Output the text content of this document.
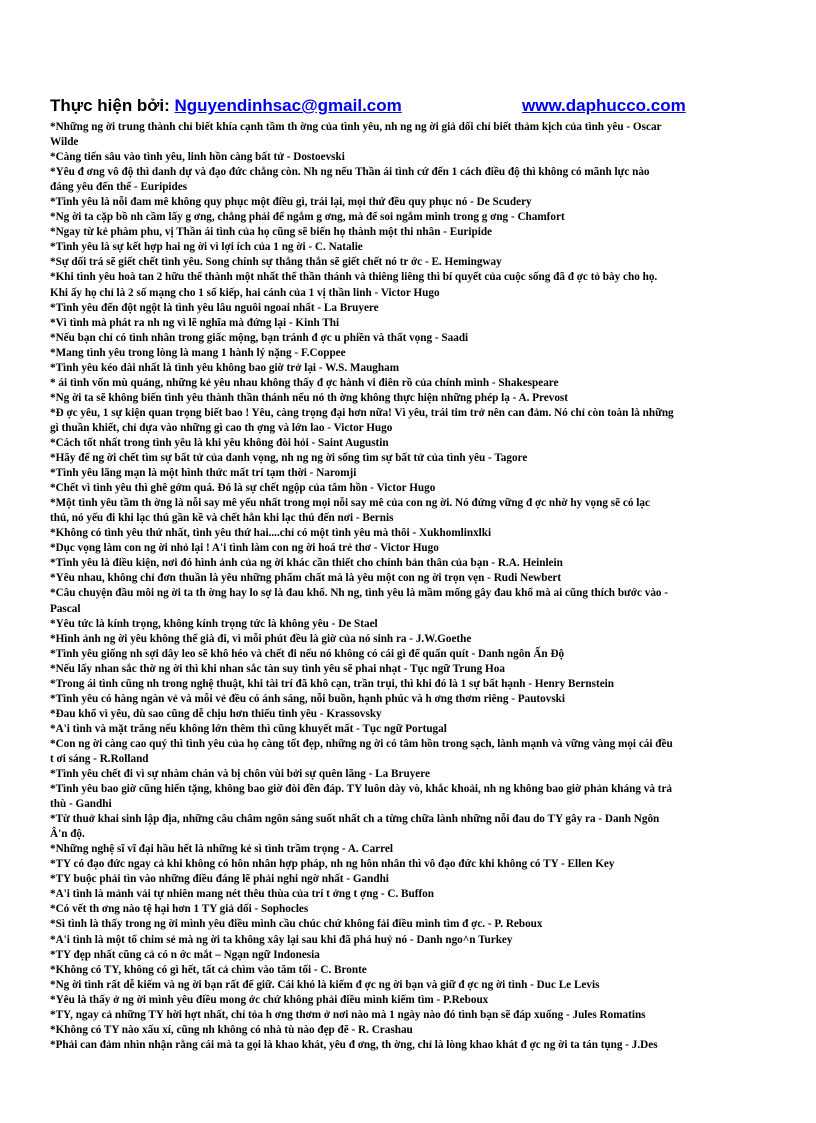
Thực hiện bởi: Nguyendinhsac@gmail.com	www.daphucco.com
*Những ng ời trung thành chỉ biết khía cạnh tầm th ờng của tình yêu, nh ng ng ời giả dối chỉ biết thảm kịch của tình yêu - Oscar
Wilde
*Càng tiến sâu vào tình yêu, linh hồn càng bất tử - Dostoevski
*Yêu đ ơng vô độ thì danh dự và đạo đức chẳng còn. Nh ng nếu Thần ái tình cứ đến 1 cách điều độ thì không có mãnh lực nào
đáng yêu đến thế - Euripides
*Tình yêu là nỗi đam mê không quy phục một điều gì, trái lại, mọi thứ đều quy phục nó - De Scudery
*Ng ời ta cặp bồ nh cầm lấy g ơng, chẳng phải để ngắm g ơng, mà để soi ngắm mình trong g ơng - Chamfort
*Ngay từ kẻ phàm phu, vị Thần ái tình của họ cũng sẽ biến họ thành một thi nhân - Euripide
*Tình yêu là sự kết hợp hai ng ời vì lợi ích của 1 ng ời - C. Natalie
*Sự dối trá sẽ giết chết tình yêu. Song chính sự thẳng thắn sẽ giết chết nó tr ớc - E. Hemingway
*Khi tình yêu hoà tan 2 hữu thể thành một nhất thể thần thánh và thiêng liêng thì bí quyết của cuộc sống đã đ ợc tỏ bày cho họ.
Khi ấy họ chỉ là 2 số mạng cho 1 số kiếp, hai cánh của 1 vị thần linh - Victor Hugo
*Tình yêu đến đột ngột là tình yêu lâu nguôi ngoai nhất - La Bruyere
*Vì tình mà phát ra nh ng vì lẽ nghĩa mà đứng lại - Kinh Thi
*Nếu bạn chỉ có tình nhân trong giấc mộng, bạn tránh đ ợc u phiền và thất vọng - Saadi
*Mang tình yêu trong lòng là mang 1 hành lý nặng - F.Coppee
*Tình yêu kéo dài nhất là tình yêu không bao giờ trở lại - W.S. Maugham
* ái tình vốn mù quáng, những kẻ yêu nhau không thấy đ ợc hành vi điên rồ của chính mình - Shakespeare
*Ng ời ta sẽ không biến tình yêu thành thần thánh nếu nó th ờng không thực hiện những phép lạ - A. Prevost
*Đ ợc yêu, 1 sự kiện quan trọng biết bao ! Yêu, càng trọng đại hơn nữa! Vì yêu, trái tim trở nên can đảm. Nó chỉ còn toàn là những
gì thuần khiết, chỉ dựa vào những gì cao th ợng và lớn lao - Victor Hugo
*Cách tốt nhất trong tình yêu là khi yêu không đòi hỏi - Saint Augustin
*Hãy để ng ời chết tìm sự bất tử của danh vọng, nh ng ng ời sống tìm sự bất tử của tình yêu - Tagore
*Tình yêu lãng mạn là một hình thức mất trí tạm thời - Naromji
*Chết vì tình yêu thì ghê gớm quá. Đó là sự chết ngộp của tâm hồn - Victor Hugo
*Một tình yêu tầm th ờng là nỗi say mê yếu nhất trong mọi nỗi say mê của con ng ời. Nó đứng vững đ ợc nhờ hy vọng sẽ có lạc
thú, nó yếu đi khi lạc thú gần kề và chết hẳn khi lạc thú đến nơi - Bernis
*Không có tình yêu thứ nhất, tình yêu thứ hai....chỉ có một tình yêu mà thôi - Xukhomlinxlki
*Dục vọng làm con ng ời nhỏ lại ! A'i tình làm con ng ời hoá trẻ thơ - Victor Hugo
*Tình yêu là điều kiện, nơi đó hình ảnh của ng ời khác cần thiết cho chính bản thân của bạn - R.A. Heinlein
*Yêu nhau, không chỉ đơn thuần là yêu những phẩm chất mà là yêu một con ng ời trọn vẹn - Rudi Newbert
*Câu chuyện đầu môi ng ời ta th ờng hay lo sợ là đau khổ. Nh ng, tình yêu là mầm mống gây đau khổ mà ai cũng thích bước vào -
Pascal
*Yêu tức là kính trọng, không kính trọng tức là không yêu - De Stael
*Hình ảnh ng ời yêu không thể già đi, vì mỗi phút đều là giờ của nó sinh ra - J.W.Goethe
*Tình yêu giống nh sợi dây leo sẽ khô héo và chết đi nếu nó không có cái gì để quấn quít - Danh ngôn Ấn Độ
*Nếu lấy nhan sắc thờ ng ời thì khi nhan sắc tàn suy tình yêu sẽ phai nhạt - Tục ngữ Trung Hoa
*Trong ái tình cũng nh trong nghệ thuật, khi tài trí đã khô cạn, trần trụi, thì khi đó là 1 sự bất hạnh - Henry Bernstein
*Tình yêu có hàng ngàn vẻ và mỗi vẻ đều có ánh sáng, nỗi buồn, hạnh phúc và h ơng thơm riêng - Pautovski
*Đau khổ vì yêu, dù sao cũng dễ chịu hơn thiếu tình yêu - Krassovsky
*A'i tình và mặt trăng nếu không lớn thêm thì cũng khuyết mất - Tục ngữ Portugal
*Con ng ời càng cao quý thì tình yêu của họ càng tốt đẹp, những ng ời có tâm hồn trong sạch, lành mạnh và vững vàng mọi cái đều
t ơi sáng - R.Rolland
*Tình yêu chết đi vì sự nhàm chán và bị chôn vùi bởi sự quên lãng - La Bruyere
*Tình yêu bao giờ cũng hiến tặng, không bao giờ đòi đền đáp. TY luôn dày vò, khắc khoải, nh ng không bao giờ phản kháng và trả
thù - Gandhi
*Từ thuở khai sinh lập địa, những câu châm ngôn sáng suốt nhất ch a từng chữa lành những nỗi đau do TY gây ra - Danh Ngôn
Â'n độ.
*Những nghệ sĩ vĩ đại hầu hết là những kẻ sì tình trầm trọng - A. Carrel
*TY có đạo đức ngay cả khi không có hôn nhân hợp pháp, nh ng hôn nhân thì vô đạo đức khi không có TY - Ellen Key
*TY buộc phải tìn vào những điều đáng lẽ phải nghi ngờ nhất - Gandhi
*A'i tình là mảnh vải tự nhiên mang nét thêu thùa của trí t ởng t ợng - C. Buffon
*Có vết th ơng nào tệ hại hơn 1 TY giả dối - Sophocles
*Sì tình là thấy trong ng ời mình yêu điều mình cầu chúc chứ không fải điều mình tìm đ ợc. - P. Reboux
*A'i tình là một tổ chim sẻ mà ng ời ta không xây lại sau khi đã phá huỷ nó - Danh ngo^n Turkey
*TY đẹp nhất cũng cả có n ớc mắt – Ngạn ngữ Indonesia
*Không có TY, không có gì hết, tất cả chìm vào tăm tối - C. Bronte
*Ng ời tình rất dễ kiếm và ng ời bạn rất để giữ. Cái khó là kiếm đ ợc ng ời bạn và giữ đ ợc ng ời tình - Duc Le Levis
*Yêu là thấy ở ng ời mình yêu điều mong ớc chứ không phải điều mình kiếm tìm - P.Reboux
*TY, ngay cả những TY hời hợt nhất, chỉ tỏa h ơng thơm ở nơi nào mà 1 ngày nào đó tình bạn sẽ đáp xuống - Jules Romatins
*Không có TY nào xấu xí, cũng nh không có nhà tù nào đẹp đẽ - R. Crashau
*Phải can đảm nhìn nhận rằng cái mà ta gọi là khao khát, yêu đ ơng, th ờng, chỉ là lòng khao khát đ ợc ng ời ta tán tụng - J.Des
